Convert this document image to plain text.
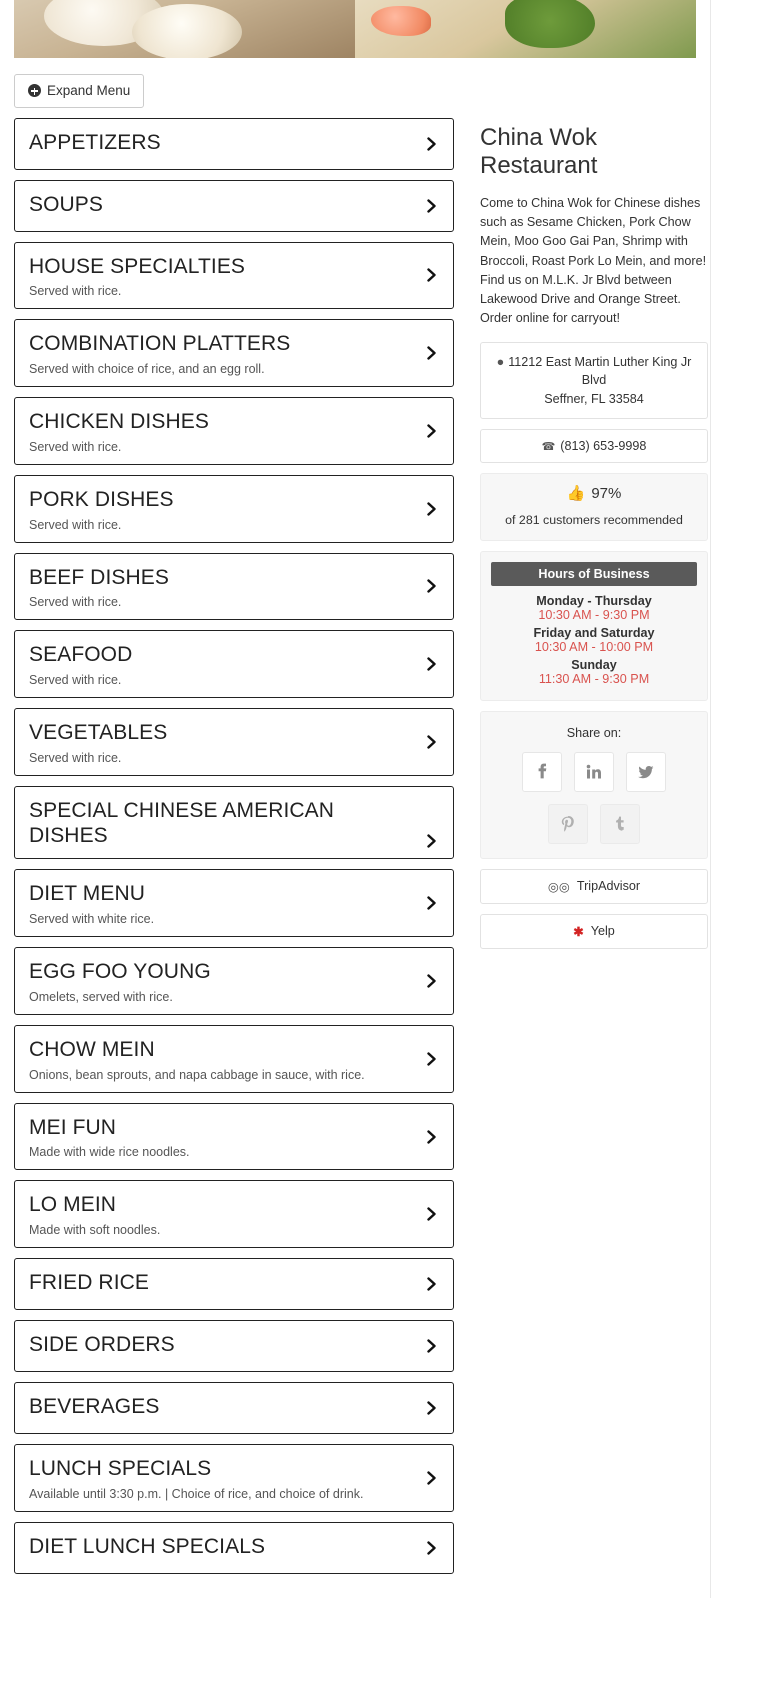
Expand Menu
APPETIZERS
SOUPS
HOUSE SPECIALTIES
Served with rice.
COMBINATION PLATTERS
Served with choice of rice, and an egg roll.
CHICKEN DISHES
Served with rice.
PORK DISHES
Served with rice.
BEEF DISHES
Served with rice.
SEAFOOD
Served with rice.
VEGETABLES
Served with rice.
SPECIAL CHINESE AMERICAN DISHES
DIET MENU
Served with white rice.
EGG FOO YOUNG
Omelets, served with rice.
CHOW MEIN
Onions, bean sprouts, and napa cabbage in sauce, with rice.
MEI FUN
Made with wide rice noodles.
LO MEIN
Made with soft noodles.
FRIED RICE
SIDE ORDERS
BEVERAGES
LUNCH SPECIALS
Available until 3:30 p.m. | Choice of rice, and choice of drink.
DIET LUNCH SPECIALS
China Wok Restaurant
Come to China Wok for Chinese dishes such as Sesame Chicken, Pork Chow Mein, Moo Goo Gai Pan, Shrimp with Broccoli, Roast Pork Lo Mein, and more! Find us on M.L.K. Jr Blvd between Lakewood Drive and Orange Street. Order online for carryout!
● 11212 East Martin Luther King Jr Blvd
Seffner, FL 33584
☎ (813) 653-9998
👍 97%
of 281 customers recommended
Hours of Business
Monday - Thursday
10:30 AM - 9:30 PM
Friday and Saturday
10:30 AM - 10:00 PM
Sunday
11:30 AM - 9:30 PM
Share on:
◎◎ TripAdvisor
✱ Yelp
